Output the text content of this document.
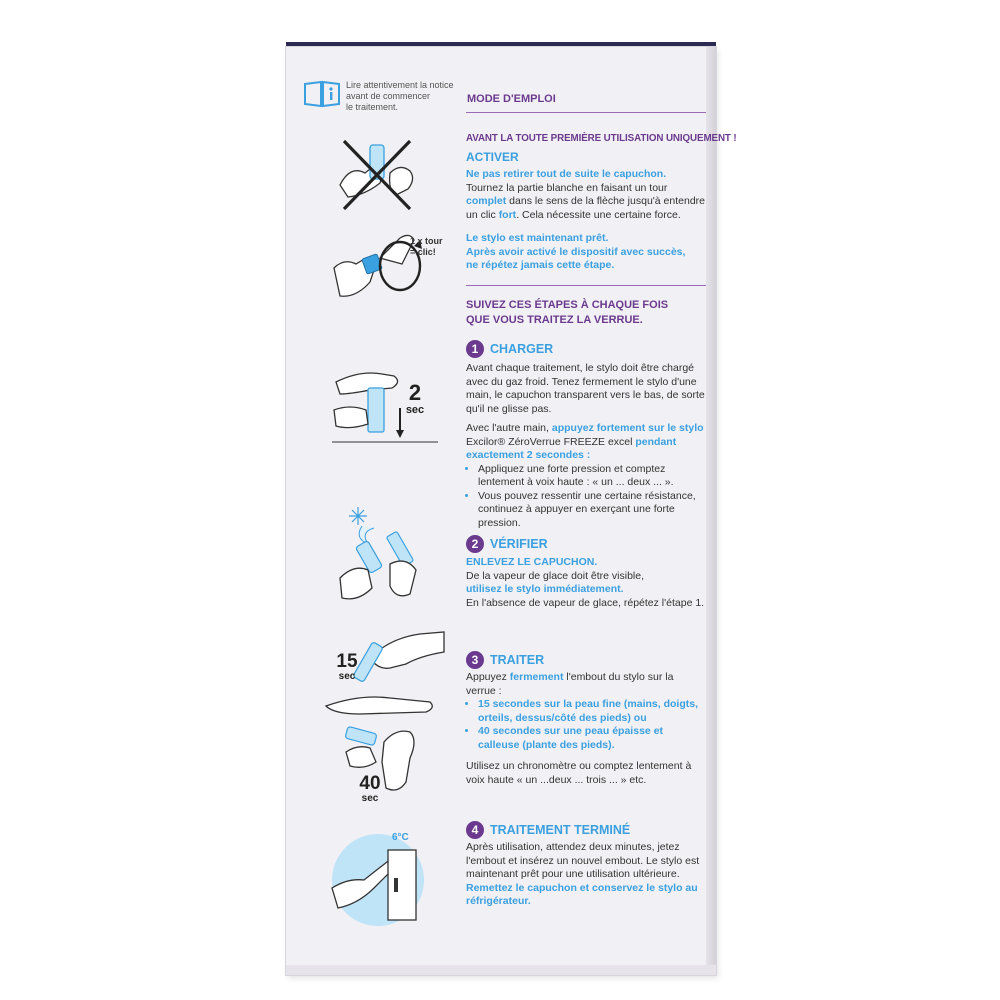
Lire attentivement la notice
avant de commencer
le traitement.
1 x tour
= clic!
2
sec
15
sec
40
sec
6°C
MODE D'EMPLOI
AVANT LA TOUTE PREMIÈRE UTILISATION UNIQUEMENT !
ACTIVER
Ne pas retirer tout de suite le capuchon.
Tournez la partie blanche en faisant un tour complet dans le sens de la flèche jusqu'à entendre un clic fort. Cela nécessite une certaine force.
Le stylo est maintenant prêt.
Après avoir activé le dispositif avec succès,
ne répétez jamais cette étape.
SUIVEZ CES ÉTAPES À CHAQUE FOIS
QUE VOUS TRAITEZ LA VERRUE.
1 CHARGER
Avant chaque traitement, le stylo doit être chargé avec du gaz froid. Tenez fermement le stylo d'une main, le capuchon transparent vers le bas, de sorte qu'il ne glisse pas.
Avec l'autre main, appuyez fortement sur le stylo Excilor® ZéroVerrue FREEZE excel pendant exactement 2 secondes :
• Appliquez une forte pression et comptez lentement à voix haute : « un ... deux ... ».
• Vous pouvez ressentir une certaine résistance, continuez à appuyer en exerçant une forte pression.
2 VÉRIFIER
ENLEVEZ LE CAPUCHON.
De la vapeur de glace doit être visible,
utilisez le stylo immédiatement.
En l'absence de vapeur de glace, répétez l'étape 1.
3 TRAITER
Appuyez fermement l'embout du stylo sur la verrue :
• 15 secondes sur la peau fine (mains, doigts, orteils, dessus/côté des pieds) ou
• 40 secondes sur une peau épaisse et calleuse (plante des pieds).
Utilisez un chronomètre ou comptez lentement à voix haute « un ...deux ... trois ... » etc.
4 TRAITEMENT TERMINÉ
Après utilisation, attendez deux minutes, jetez l'embout et insérez un nouvel embout. Le stylo est maintenant prêt pour une utilisation ultérieure.
Remettez le capuchon et conservez le stylo au réfrigérateur.
